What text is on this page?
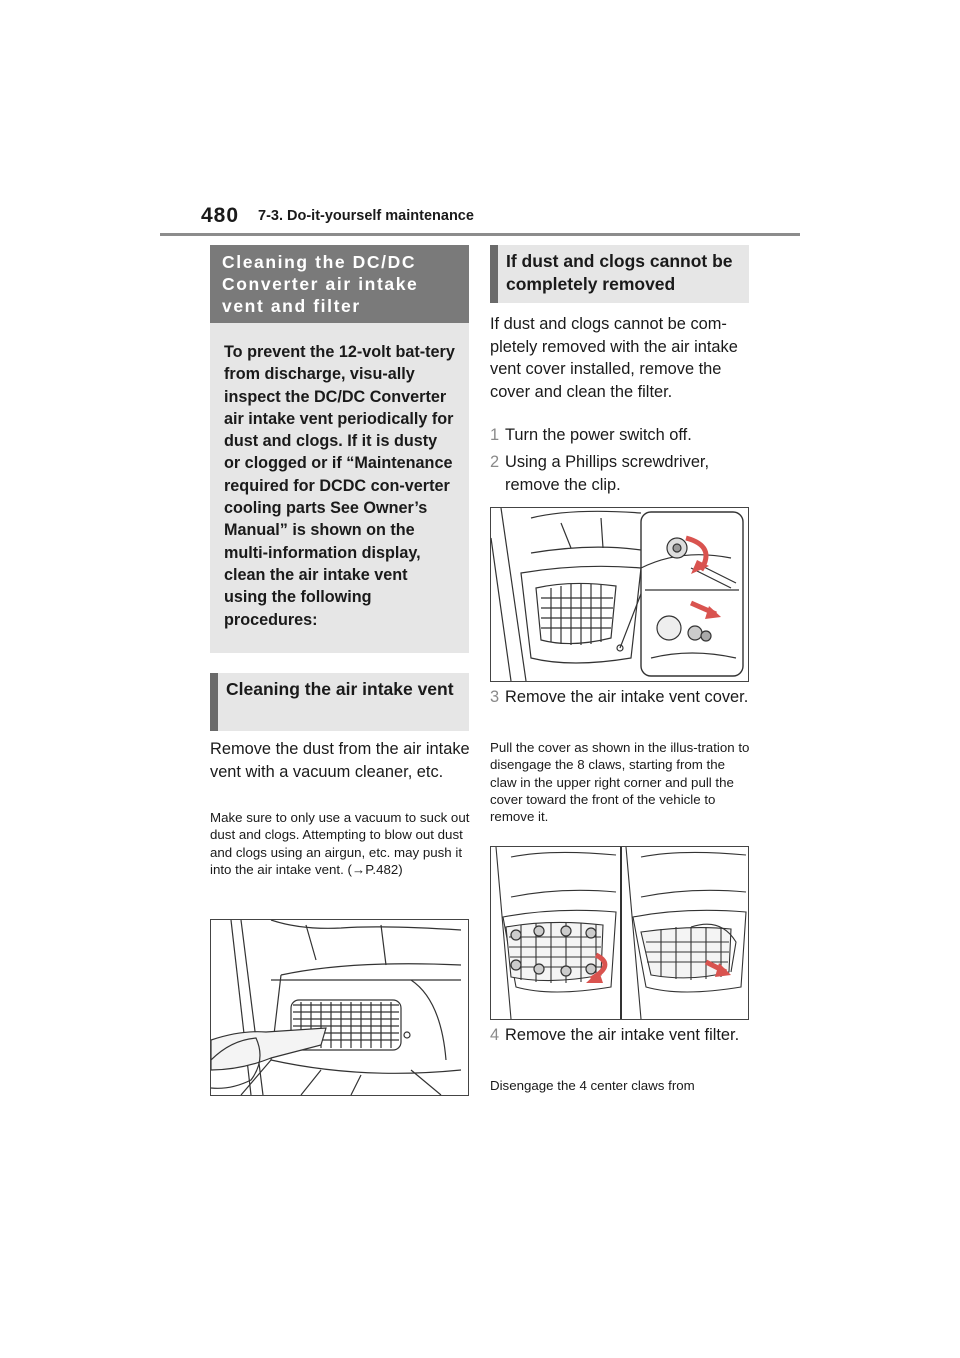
480 7-3. Do-it-yourself maintenance
Cleaning the DC/DC Converter air intake vent and filter
To prevent the 12-volt bat-tery from discharge, visu-ally inspect the DC/DC Converter air intake vent periodically for dust and clogs. If it is dusty or clogged or if “Maintenance required for DCDC con-verter cooling parts See Owner’s Manual” is shown on the multi-information display, clean the air intake vent using the following procedures:
Cleaning the air intake vent
Remove the dust from the air intake vent with a vacuum cleaner, etc.
Make sure to only use a vacuum to suck out dust and clogs. Attempting to blow out dust and clogs using an airgun, etc. may push it into the air intake vent. (→P.482)
If dust and clogs cannot be completely removed
If dust and clogs cannot be com-pletely removed with the air intake vent cover installed, remove the cover and clean the filter.
1 Turn the power switch off.
2 Using a Phillips screwdriver, remove the clip.
3 Remove the air intake vent cover.
Pull the cover as shown in the illus-tration to disengage the 8 claws, starting from the claw in the upper right corner and pull the cover toward the front of the vehicle to remove it.
4 Remove the air intake vent filter.
Disengage the 4 center claws from
